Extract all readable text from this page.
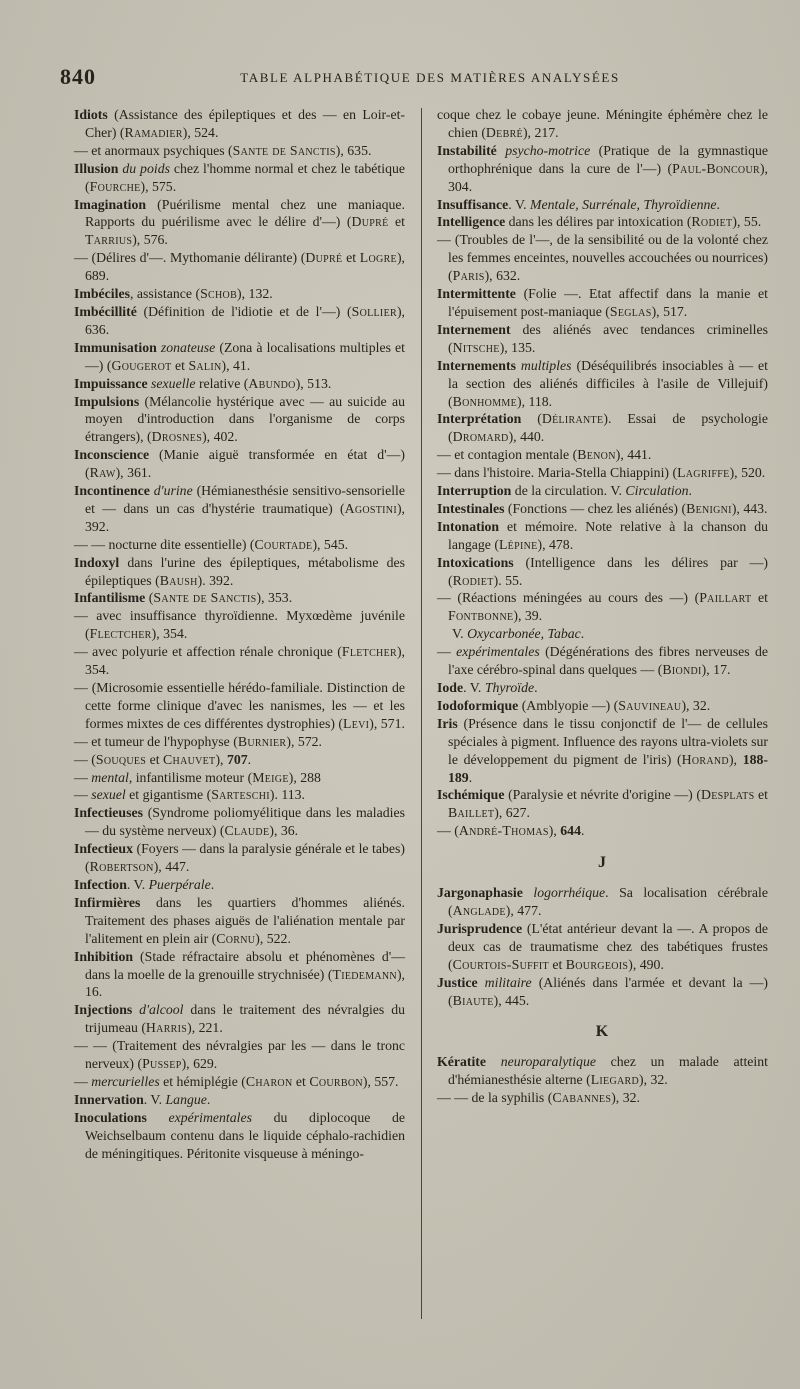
840	TABLE ALPHABÉTIQUE DES MATIÈRES ANALYSÉES

Idiots (Assistance des épileptiques et des — en Loir-et-Cher) (Ramadier), 524.

— et anormaux psychiques (Sante de Sanctis), 635.

Illusion du poids chez l'homme normal et chez le tabétique (Fourche), 575.

Imagination (Puérilisme mental chez une maniaque. Rapports du puérilisme avec le délire d'—) (Dupré et Tarrius), 576.

— (Délires d'—. Mythomanie délirante) (Dupré et Logre), 689.

Imbéciles, assistance (Schob), 132.

Imbécillité (Définition de l'idiotie et de l'—) (Sollier), 636.

Immunisation zonateuse (Zona à localisations multiples et —) (Gougerot et Salin), 41.

Impuissance sexuelle relative (Abundo), 513.

Impulsions (Mélancolie hystérique avec — au suicide au moyen d'introduction dans l'organisme de corps étrangers), (Drosnes), 402.

Inconscience (Manie aiguë transformée en état d'—) (Raw), 361.

Incontinence d'urine (Hémianesthésie sensitivo-sensorielle et — dans un cas d'hystérie traumatique) (Agostini), 392.

— — nocturne dite essentielle) (Courtade), 545.

Indoxyl dans l'urine des épileptiques, métabolisme des épileptiques (Baush). 392.

Infantilisme (Sante de Sanctis), 353.

— avec insuffisance thyroïdienne. Myxœdème juvénile (Flectcher), 354.

— avec polyurie et affection rénale chronique (Fletcher), 354.

— (Microsomie essentielle hérédo-familiale. Distinction de cette forme clinique d'avec les nanismes, les — et les formes mixtes de ces différentes dystrophies) (Levi), 571.

— et tumeur de l'hypophyse (Burnier), 572.

— (Souques et Chauvet), 707.

— mental, infantilisme moteur (Meige), 288

— sexuel et gigantisme (Sarteschi). 113.

Infectieuses (Syndrome poliomyélitique dans les maladies — du système nerveux) (Claude), 36.

Infectieux (Foyers — dans la paralysie générale et le tabes) (Robertson), 447.

Infection. V. Puerpérale.

Infirmières dans les quartiers d'hommes aliénés. Traitement des phases aiguës de l'aliénation mentale par l'alitement en plein air (Cornu), 522.

Inhibition (Stade réfractaire absolu et phénomènes d'— dans la moelle de la grenouille strychnisée) (Tiedemann), 16.

Injections d'alcool dans le traitement des névralgies du trijumeau (Harris), 221.

— — (Traitement des névralgies par les — dans le tronc nerveux) (Pussep), 629.

— mercurielles et hémiplégie (Charon et Courbon), 557.

Innervation. V. Langue.

Inoculations expérimentales du diplocoque de Weichselbaum contenu dans le liquide céphalo-rachidien de méningitiques. Péritonite visqueuse à méningo-

coque chez le cobaye jeune. Méningite éphémère chez le chien (Debré), 217.

Instabilité psycho-motrice (Pratique de la gymnastique orthophrénique dans la cure de l'—) (Paul-Boncour), 304.

Insuffisance. V. Mentale, Surrénale, Thyroïdienne.

Intelligence dans les délires par intoxication (Rodiet), 55.

— (Troubles de l'—, de la sensibilité ou de la volonté chez les femmes enceintes, nouvelles accouchées ou nourrices) (Paris), 632.

Intermittente (Folie —. Etat affectif dans la manie et l'épuisement post-maniaque (Seglas), 517.

Internement des aliénés avec tendances criminelles (Nitsche), 135.

Internements multiples (Déséquilibrés insociables à — et la section des aliénés difficiles à l'asile de Villejuif) (Bonhomme), 118.

Interprétation (Délirante). Essai de psychologie (Dromard), 440.

— et contagion mentale (Benon), 441.

— dans l'histoire. Maria-Stella Chiappini) (Lagriffe), 520.

Interruption de la circulation. V. Circulation.

Intestinales (Fonctions — chez les aliénés) (Benigni), 443.

Intonation et mémoire. Note relative à la chanson du langage (Lépine), 478.

Intoxications (Intelligence dans les délires par —) (Rodiet). 55.

— (Réactions méningées au cours des —) (Paillart et Fontbonne), 39.

V. Oxycarbonée, Tabac.

— expérimentales (Dégénérations des fibres nerveuses de l'axe cérébro-spinal dans quelques — (Biondi), 17.

Iode. V. Thyroïde.

Iodoformique (Amblyopie —) (Sauvineau), 32.

Iris (Présence dans le tissu conjonctif de l'— de cellules spéciales à pigment. Influence des rayons ultra-violets sur le développement du pigment de l'iris) (Horand), 188-189.

Ischémique (Paralysie et névrite d'origine —) (Desplats et Baillet), 627.

— (André-Thomas), 644.

J

Jargonaphasie logorrhéique. Sa localisation cérébrale (Anglade), 477.

Jurisprudence (L'état antérieur devant la —. A propos de deux cas de traumatisme chez des tabétiques frustes (Courtois-Suffit et Bourgeois), 490.

Justice militaire (Aliénés dans l'armée et devant la —) (Biaute), 445.

K

Kératite neuroparalytique chez un malade atteint d'hémianesthésie alterne (Liegard), 32.

— — de la syphilis (Cabannes), 32.
